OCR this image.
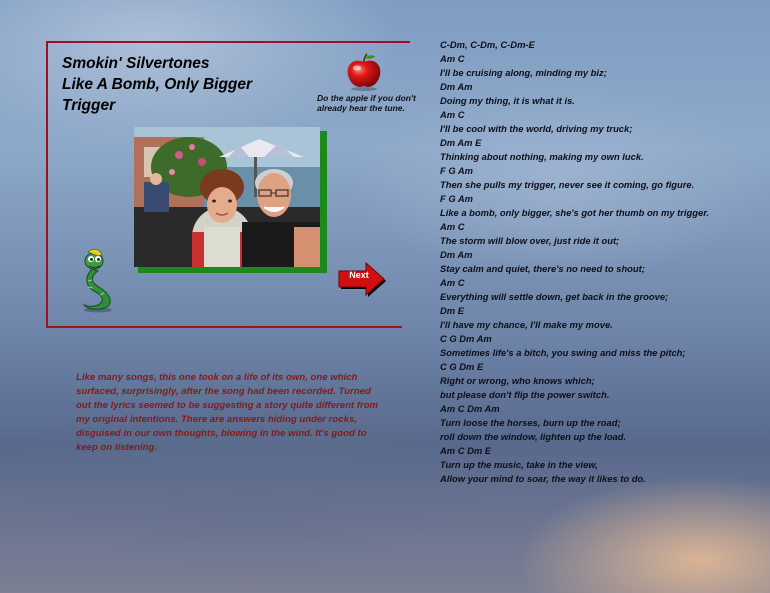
Smokin' Silvertones
Like A Bomb, Only Bigger
Trigger	Do the apple if you don't already hear the tune.
Next
Like many songs, this one took on a life of its own, one which surfaced, surprisingly, after the song had been recorded. Turned out the lyrics seemed to be suggesting a story quite different from my original intentions. There are answers hiding under rocks, disguised in our own thoughts, blowing in the wind. It's good to keep on listening.
C-Dm, C-Dm, C-Dm-E
Am C
I'll be cruising along, minding my biz;
Dm Am
Doing my thing, it is what it is.
Am C
I'll be cool with the world, driving my truck;
Dm Am E
Thinking about nothing, making my own luck.
F G Am
Then she pulls my trigger, never see it coming, go figure.
F G Am
Like a bomb, only bigger, she's got her thumb on my trigger.
Am C
The storm will blow over, just ride it out;
Dm Am
Stay calm and quiet, there's no need to shout;
Am C
Everything will settle down, get back in the groove;
Dm E
I'll have my chance, I'll make my move.
C G Dm Am
Sometimes life's a bitch, you swing and miss the pitch;
C G Dm E
Right or wrong, who knows which;
but please don't flip the power switch.
Am C Dm Am
Turn loose the horses, burn up the road;
roll down the window, lighten up the load.
Am C Dm E
Turn up the music, take in the view,
Allow your mind to soar, the way it likes to do.
